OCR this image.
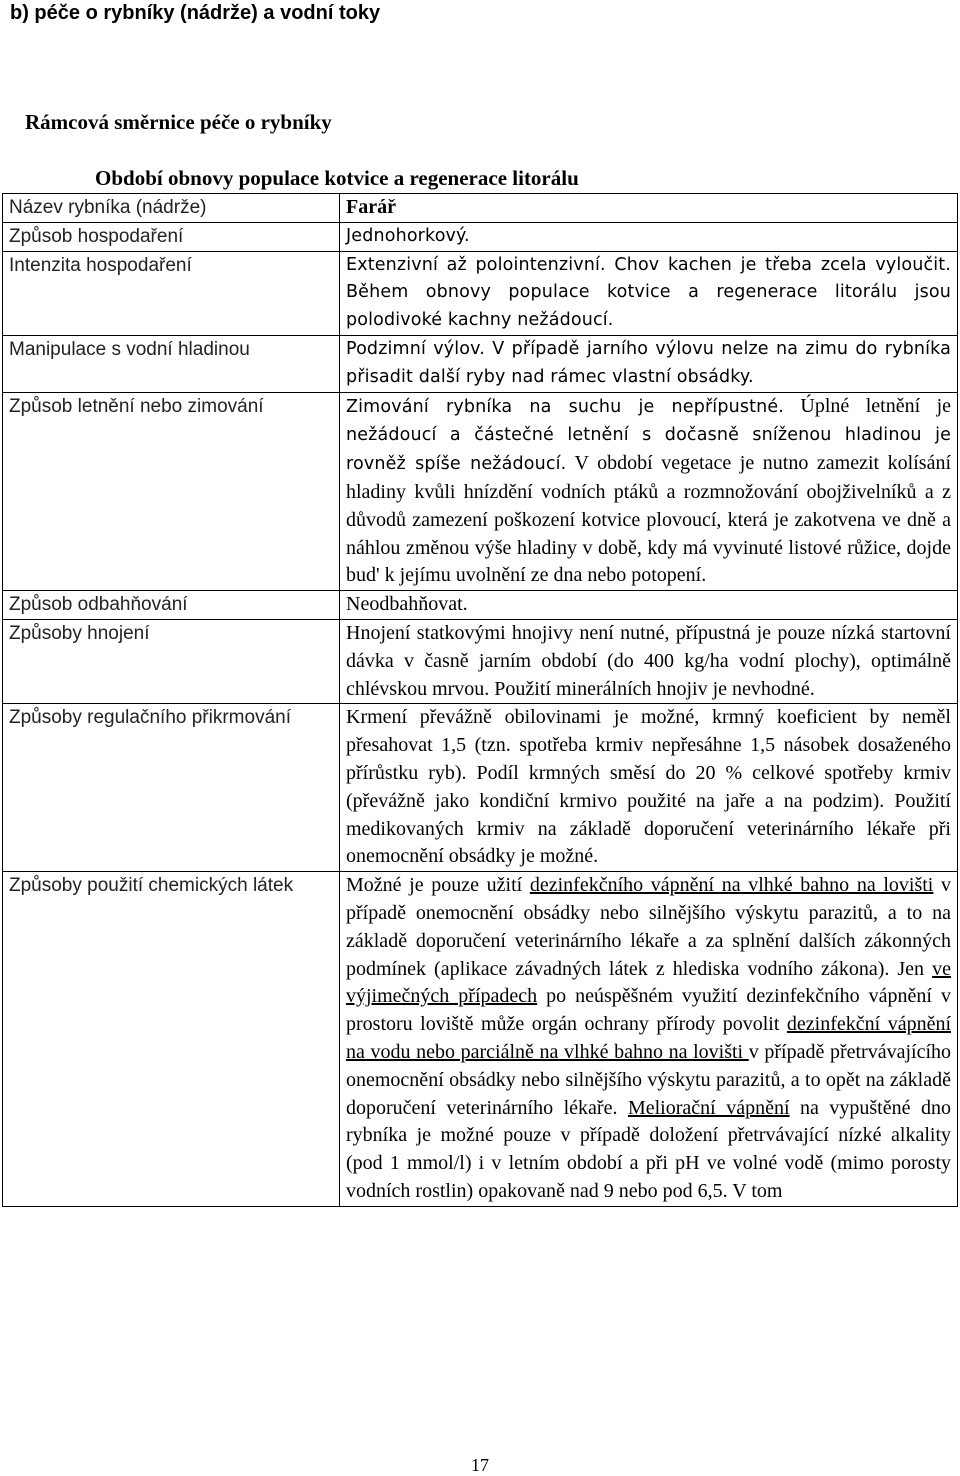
b) péče o rybníky (nádrže) a vodní toky
Rámcová směrnice péče o rybníky
Období obnovy populace kotvice a regenerace litorálu
Název rybníka (nádrže)	Farář
Způsob hospodaření	Jednohorkový.
Intenzita hospodaření	Extenzivní až polointenzivní. Chov kachen je třeba zcela vyloučit. Během obnovy populace kotvice a regenerace litorálu jsou polodivoké kachny nežádoucí.
Manipulace s vodní hladinou	Podzimní výlov. V případě jarního výlovu nelze na zimu do rybníka přisadit další ryby nad rámec vlastní obsádky.
Způsob letnění nebo zimování	Zimování rybníka na suchu je nepřípustné. Úplné letnění je nežádoucí a částečné letnění s dočasně sníženou hladinou je rovněž spíše nežádoucí. V období vegetace je nutno zamezit kolísání hladiny kvůli hnízdění vodních ptáků a rozmnožování obojživelníků a z důvodů zamezení poškození kotvice plovoucí, která je zakotvena ve dně a náhlou změnou výše hladiny v době, kdy má vyvinuté listové růžice, dojde bud' k jejímu uvolnění ze dna nebo potopení.
Způsob odbahňování	Neodbahňovat.
Způsoby hnojení	Hnojení statkovými hnojivy není nutné, přípustná je pouze nízká startovní dávka v časně jarním období (do 400 kg/ha vodní plochy), optimálně chlévskou mrvou. Použití minerálních hnojiv je nevhodné.
Způsoby regulačního přikrmování	Krmení převážně obilovinami je možné, krmný koeficient by neměl přesahovat 1,5 (tzn. spotřeba krmiv nepřesáhne 1,5 násobek dosaženého přírůstku ryb). Podíl krmných směsí do 20 % celkové spotřeby krmiv (převážně jako kondiční krmivo použité na jaře a na podzim). Použití medikovaných krmiv na základě doporučení veterinárního lékaře při onemocnění obsádky je možné.
Způsoby použití chemických látek	Možné je pouze užití dezinfekčního vápnění na vlhké bahno na lovišti v případě onemocnění obsádky nebo silnějšího výskytu parazitů, a to na základě doporučení veterinárního lékaře a za splnění dalších zákonných podmínek (aplikace závadných látek z hlediska vodního zákona). Jen ve výjimečných případech po neúspěšném využití dezinfekčního vápnění v prostoru loviště může orgán ochrany přírody povolit dezinfekční vápnění na vodu nebo parciálně na vlhké bahno na lovišti v případě přetrvávajícího onemocnění obsádky nebo silnějšího výskytu parazitů, a to opět na základě doporučení veterinárního lékaře. Meliorační vápnění na vypuštěné dno rybníka je možné pouze v případě doložení přetrvávající nízké alkality (pod 1 mmol/l) i v letním období a při pH ve volné vodě (mimo porosty vodních rostlin) opakovaně nad 9 nebo pod 6,5. V tom
17
